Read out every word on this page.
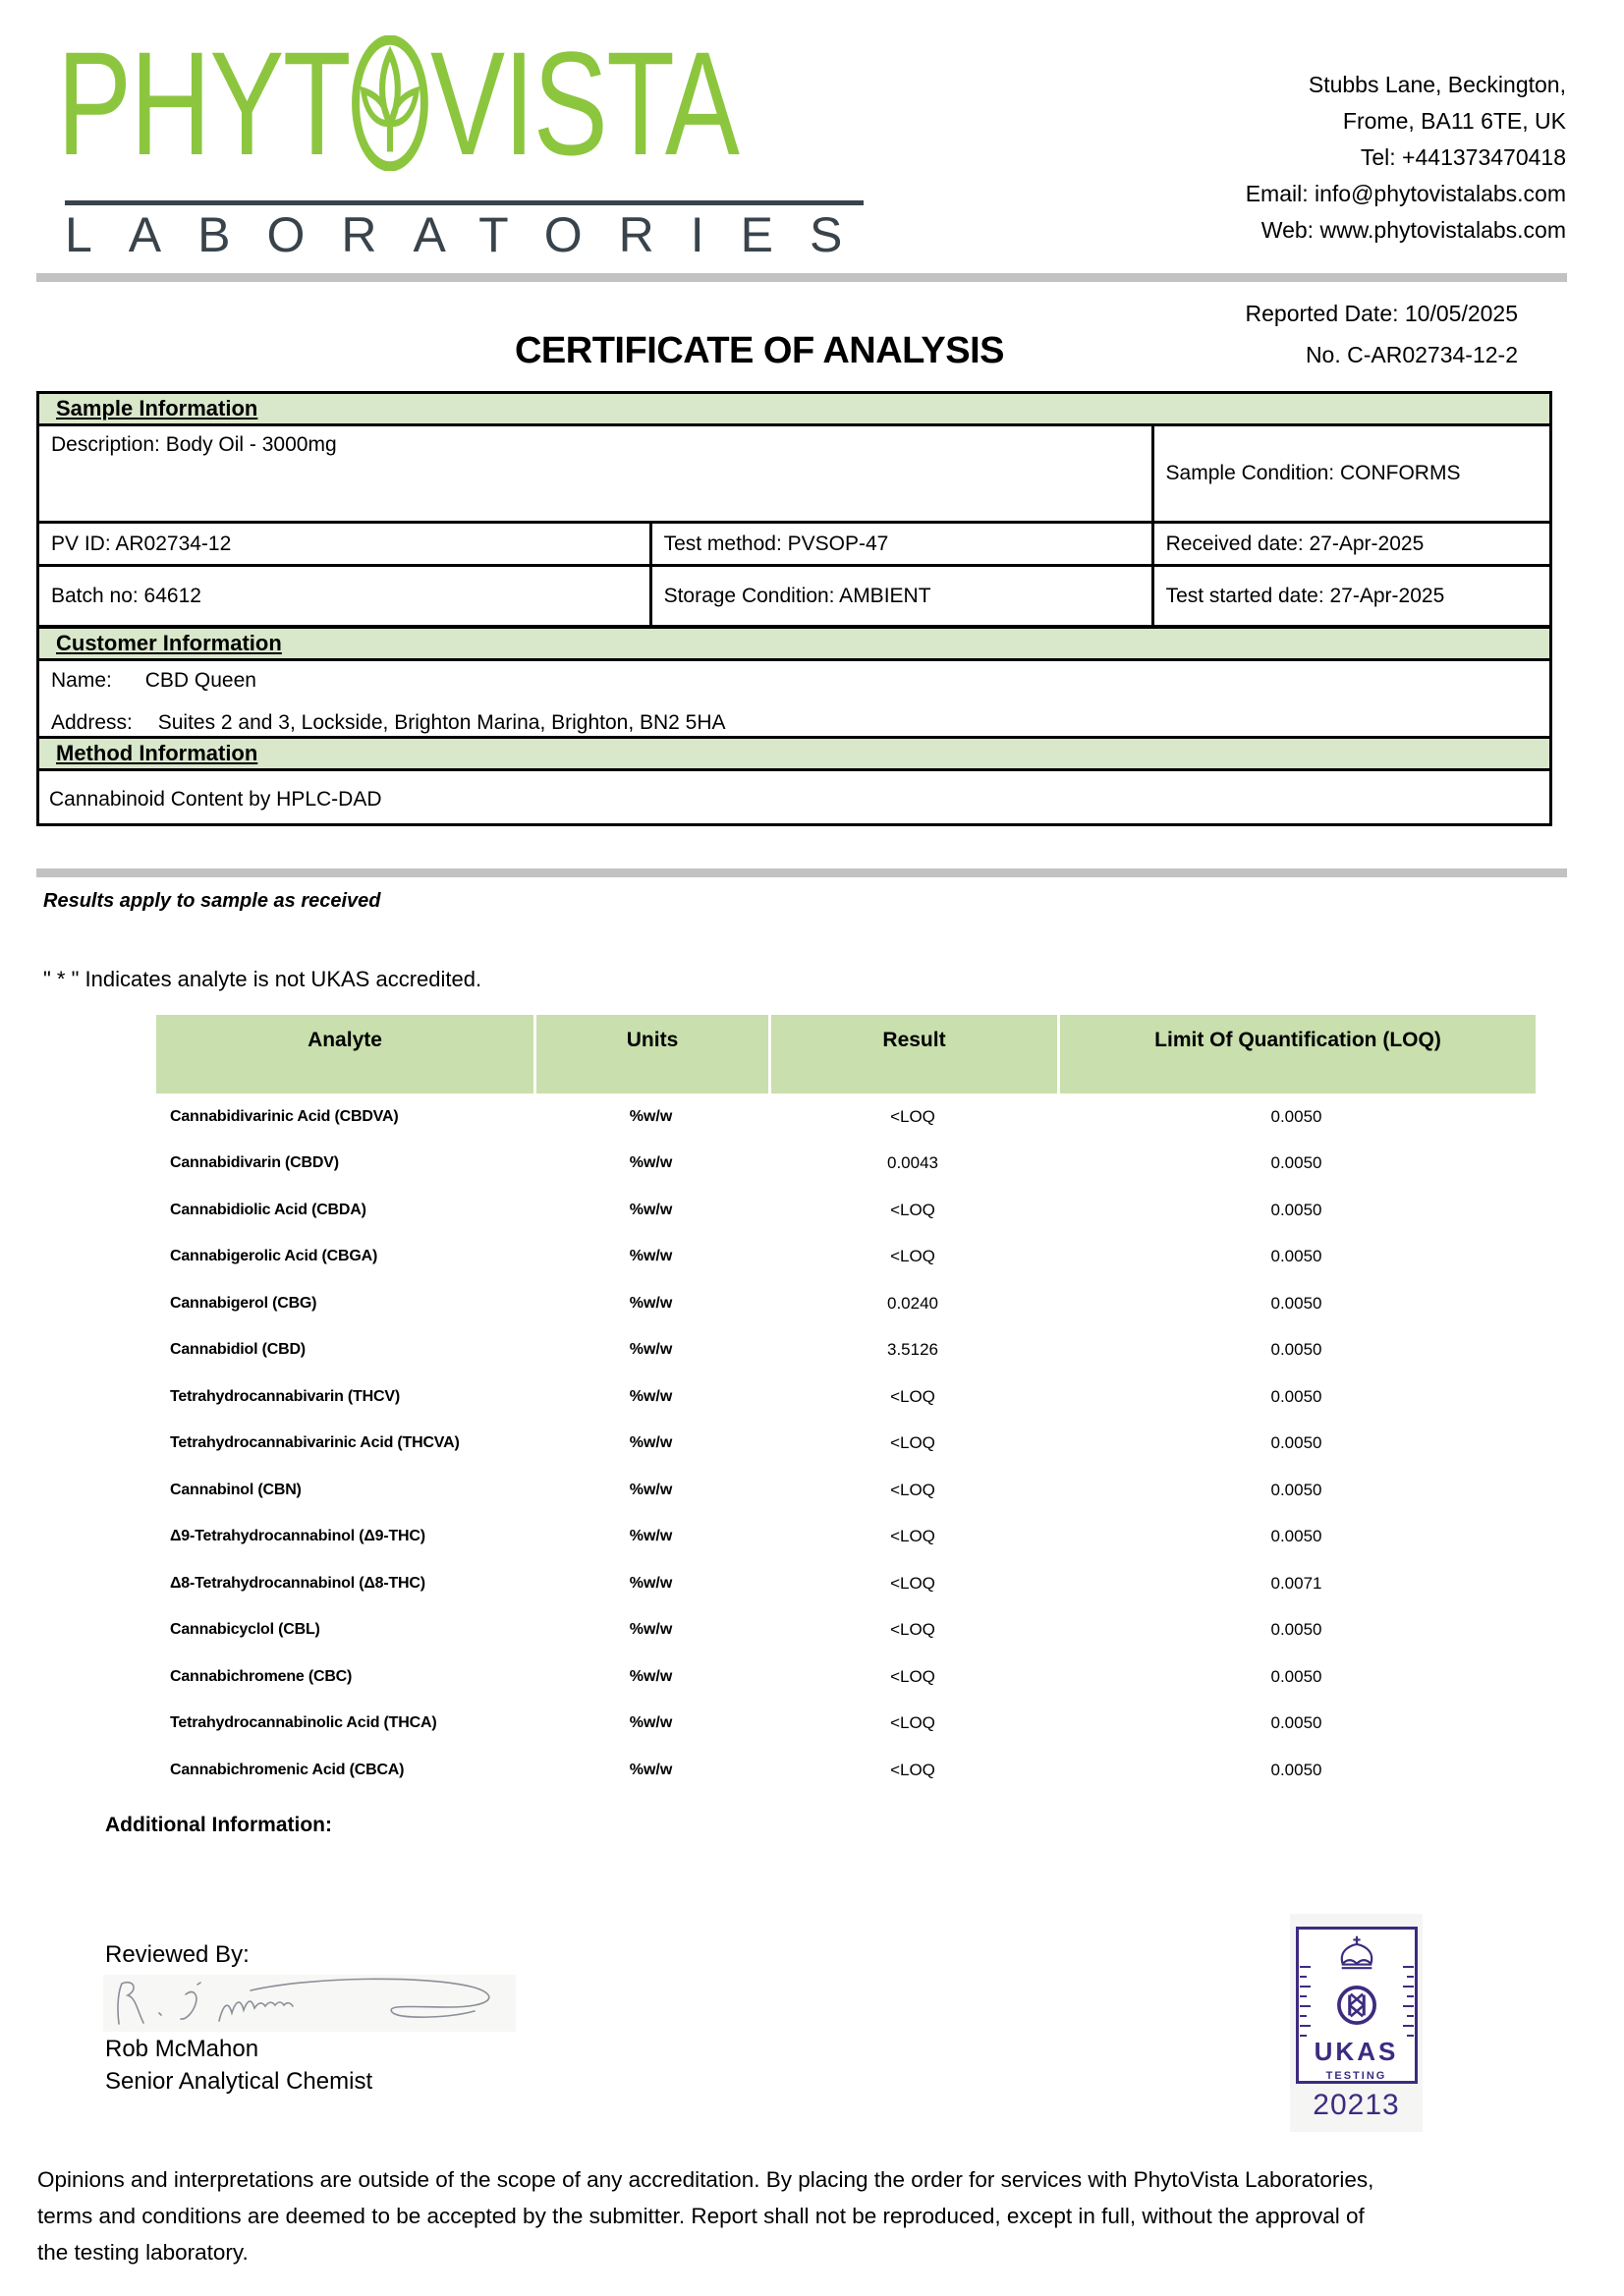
PHYT VISTA
LABORATORIES
Stubbs Lane, Beckington,
Frome, BA11 6TE, UK
Tel: +441373470418
Email: info@phytovistalabs.com
Web: www.phytovistalabs.com
CERTIFICATE OF ANALYSIS
Reported Date: 10/05/2025
No. C-AR02734-12-2
Sample Information
Description: Body Oil - 3000mg
Sample Condition: CONFORMS
PV ID: AR02734-12	Test method: PVSOP-47	Received date: 27-Apr-2025
Batch no: 64612	Storage Condition: AMBIENT	Test started date: 27-Apr-2025
Customer Information
Name: CBD Queen
Address: Suites 2 and 3, Lockside, Brighton Marina, Brighton, BN2 5HA
Method Information
Cannabinoid Content by HPLC-DAD
Results apply to sample as received
" * " Indicates analyte is not UKAS accredited.
Analyte	Units	Result	Limit Of Quantification (LOQ)
Cannabidivarinic Acid (CBDVA)	%w/w	<LOQ	0.0050
Cannabidivarin (CBDV)	%w/w	0.0043	0.0050
Cannabidiolic Acid (CBDA)	%w/w	<LOQ	0.0050
Cannabigerolic Acid (CBGA)	%w/w	<LOQ	0.0050
Cannabigerol (CBG)	%w/w	0.0240	0.0050
Cannabidiol (CBD)	%w/w	3.5126	0.0050
Tetrahydrocannabivarin (THCV)	%w/w	<LOQ	0.0050
Tetrahydrocannabivarinic Acid (THCVA)	%w/w	<LOQ	0.0050
Cannabinol (CBN)	%w/w	<LOQ	0.0050
Δ9-Tetrahydrocannabinol (Δ9-THC)	%w/w	<LOQ	0.0050
Δ8-Tetrahydrocannabinol (Δ8-THC)	%w/w	<LOQ	0.0071
Cannabicyclol (CBL)	%w/w	<LOQ	0.0050
Cannabichromene (CBC)	%w/w	<LOQ	0.0050
Tetrahydrocannabinolic Acid (THCA)	%w/w	<LOQ	0.0050
Cannabichromenic Acid (CBCA)	%w/w	<LOQ	0.0050
Additional Information:
Reviewed By:
Rob McMahon
Senior Analytical Chemist
UKAS
TESTING
20213
Opinions and interpretations are outside of the scope of any accreditation. By placing the order for services with PhytoVista Laboratories,
terms and conditions are deemed to be accepted by the submitter. Report shall not be reproduced, except in full, without the approval of
the testing laboratory.
